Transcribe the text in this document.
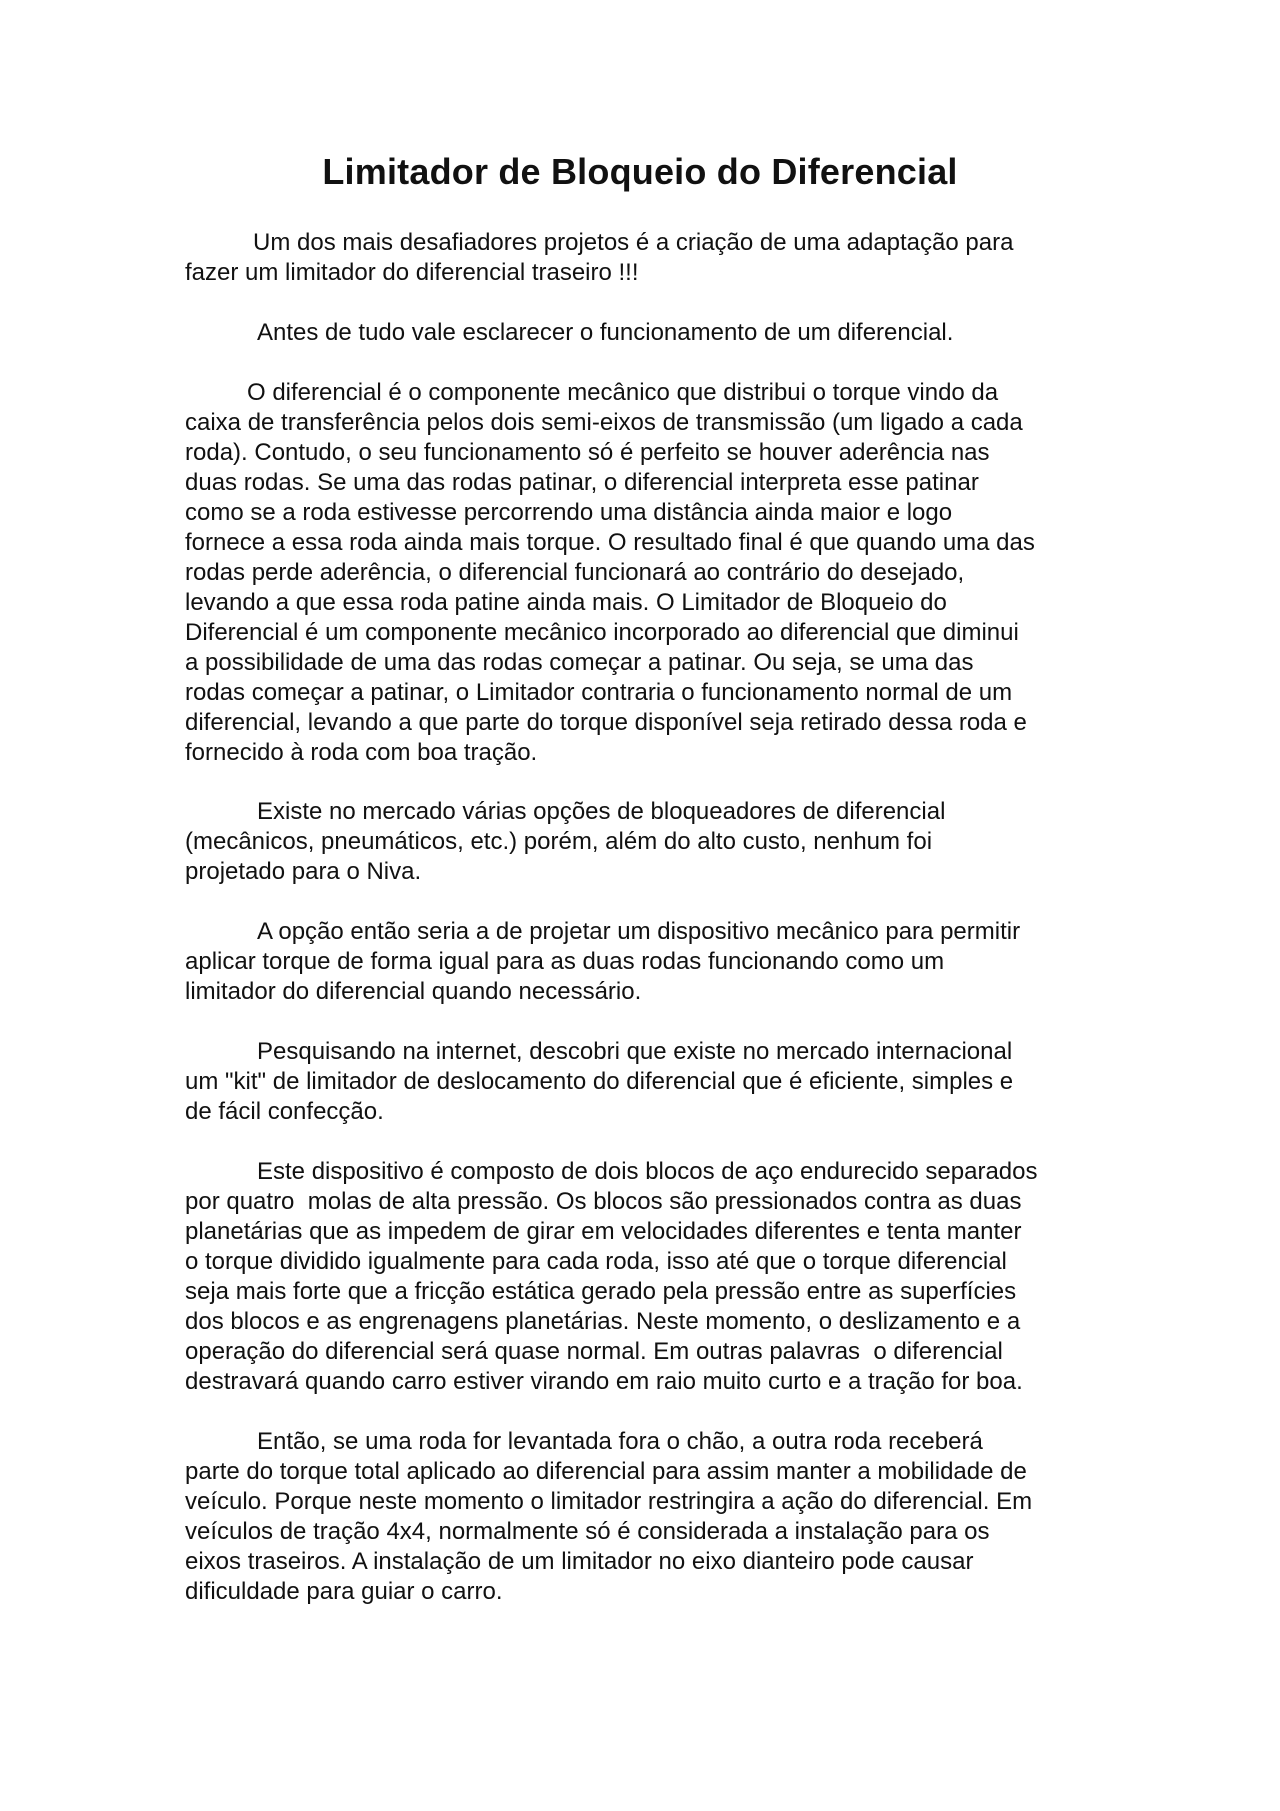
Limitador de Bloqueio do Diferencial
Um dos mais desafiadores projetos é a criação de uma adaptação para
fazer um limitador do diferencial traseiro !!!
Antes de tudo vale esclarecer o funcionamento de um diferencial.
O diferencial é o componente mecânico que distribui o torque vindo da
caixa de transferência pelos dois semi-eixos de transmissão (um ligado a cada
roda). Contudo, o seu funcionamento só é perfeito se houver aderência nas
duas rodas. Se uma das rodas patinar, o diferencial interpreta esse patinar
como se a roda estivesse percorrendo uma distância ainda maior e logo
fornece a essa roda ainda mais torque. O resultado final é que quando uma das
rodas perde aderência, o diferencial funcionará ao contrário do desejado,
levando a que essa roda patine ainda mais. O Limitador de Bloqueio do
Diferencial é um componente mecânico incorporado ao diferencial que diminui
a possibilidade de uma das rodas começar a patinar. Ou seja, se uma das
rodas começar a patinar, o Limitador contraria o funcionamento normal de um
diferencial, levando a que parte do torque disponível seja retirado dessa roda e
fornecido à roda com boa tração.
Existe no mercado várias opções de bloqueadores de diferencial
(mecânicos, pneumáticos, etc.) porém, além do alto custo, nenhum foi
projetado para o Niva.
A opção então seria a de projetar um dispositivo mecânico para permitir
aplicar torque de forma igual para as duas rodas funcionando como um
limitador do diferencial quando necessário.
Pesquisando na internet, descobri que existe no mercado internacional
um "kit" de limitador de deslocamento do diferencial que é eficiente, simples e
de fácil confecção.
Este dispositivo é composto de dois blocos de aço endurecido separados
por quatro  molas de alta pressão. Os blocos são pressionados contra as duas
planetárias que as impedem de girar em velocidades diferentes e tenta manter
o torque dividido igualmente para cada roda, isso até que o torque diferencial
seja mais forte que a fricção estática gerado pela pressão entre as superfícies
dos blocos e as engrenagens planetárias. Neste momento, o deslizamento e a
operação do diferencial será quase normal. Em outras palavras  o diferencial
destravará quando carro estiver virando em raio muito curto e a tração for boa.
Então, se uma roda for levantada fora o chão, a outra roda receberá
parte do torque total aplicado ao diferencial para assim manter a mobilidade de
veículo. Porque neste momento o limitador restringira a ação do diferencial. Em
veículos de tração 4x4, normalmente só é considerada a instalação para os
eixos traseiros. A instalação de um limitador no eixo dianteiro pode causar
dificuldade para guiar o carro.
